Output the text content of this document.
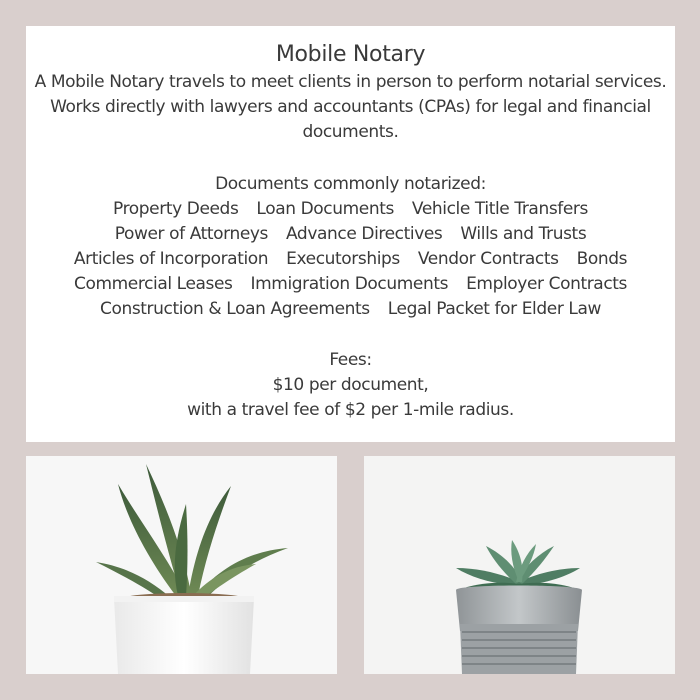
Mobile Notary
A Mobile Notary travels to meet clients in person to perform notarial services. Works directly with lawyers and accountants (CPAs) for legal and financial documents.
Documents commonly notarized:
Property Deeds Loan Documents Vehicle Title Transfers
Power of Attorneys Advance Directives Wills and Trusts
Articles of Incorporation Executorships Vendor Contracts Bonds
Commercial Leases Immigration Documents Employer Contracts
Construction & Loan Agreements Legal Packet for Elder Law
Fees:
$10 per document,
with a travel fee of $2 per 1-mile radius.
